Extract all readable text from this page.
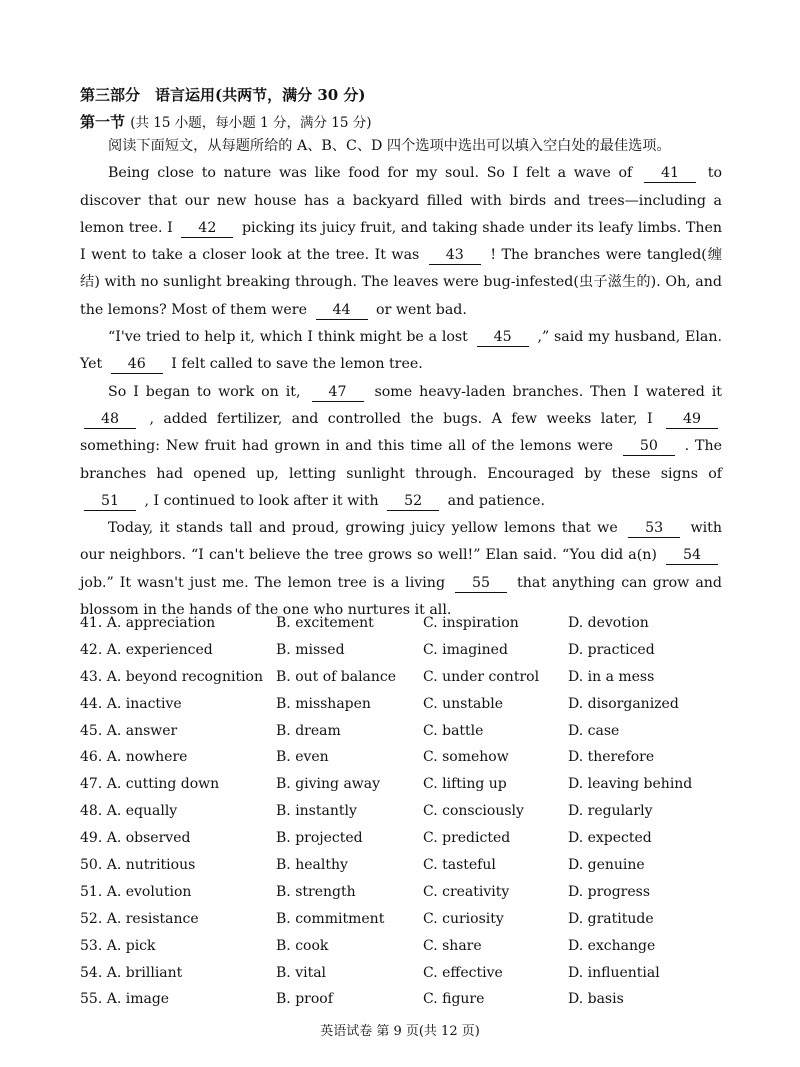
第三部分　语言运用(共两节，满分 30 分)
第一节 (共 15 小题，每小题 1 分，满分 15 分)

阅读下面短文，从每题所给的 A、B、C、D 四个选项中选出可以填入空白处的最佳选项。

Being close to nature was like food for my soul. So I felt a wave of 41 to discover that our new house has a backyard filled with birds and trees—including a lemon tree. I 42 picking its juicy fruit, and taking shade under its leafy limbs. Then I went to take a closer look at the tree. It was 43 ! The branches were tangled(缠结) with no sunlight breaking through. The leaves were bug-infested(虫子滋生的). Oh, and the lemons? Most of them were 44 or went bad.

“I've tried to help it, which I think might be a lost 45 ,” said my husband, Elan. Yet 46 I felt called to save the lemon tree.

So I began to work on it, 47 some heavy-laden branches. Then I watered it 48 , added fertilizer, and controlled the bugs. A few weeks later, I 49 something: New fruit had grown in and this time all of the lemons were 50 . The branches had opened up, letting sunlight through. Encouraged by these signs of 51 , I continued to look after it with 52 and patience.

Today, it stands tall and proud, growing juicy yellow lemons that we 53 with our neighbors. “I can't believe the tree grows so well!” Elan said. “You did a(n) 54 job.” It wasn't just me. The lemon tree is a living 55 that anything can grow and blossom in the hands of the one who nurtures it all.

41. A. appreciation	B. excitement	C. inspiration	D. devotion
42. A. experienced	B. missed	C. imagined	D. practiced
43. A. beyond recognition B. out of balance C. under control D. in a mess
44. A. inactive	B. misshapen	C. unstable	D. disorganized
45. A. answer	B. dream	C. battle	D. case
46. A. nowhere	B. even	C. somehow	D. therefore
47. A. cutting down	B. giving away	C. lifting up	D. leaving behind
48. A. equally	B. instantly	C. consciously	D. regularly
49. A. observed	B. projected	C. predicted	D. expected
50. A. nutritious	B. healthy	C. tasteful	D. genuine
51. A. evolution	B. strength	C. creativity	D. progress
52. A. resistance	B. commitment	C. curiosity	D. gratitude
53. A. pick	B. cook	C. share	D. exchange
54. A. brilliant	B. vital	C. effective	D. influential
55. A. image	B. proof	C. figure	D. basis
英语试卷 第 9 页(共 12 页)
